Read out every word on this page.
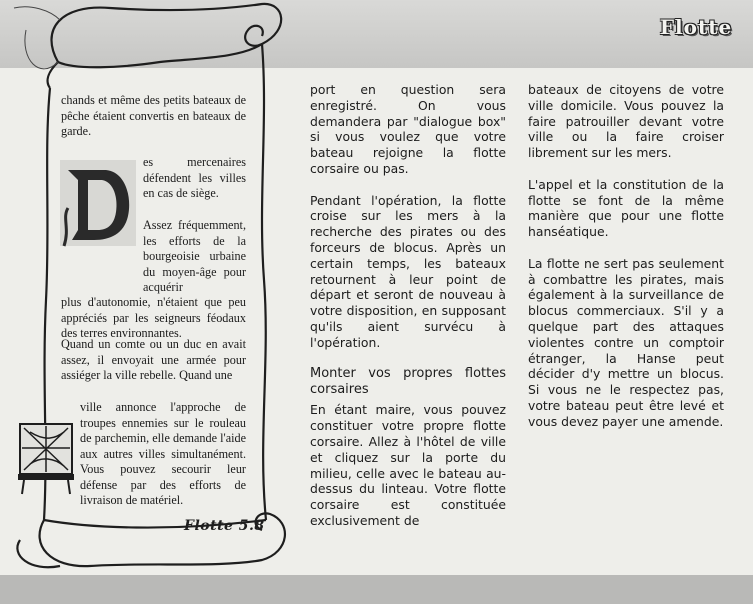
Flotte
chands et même des petits bateaux de pêche étaient convertis en bateaux de garde.
es mercenaires défendent les villes en cas de siège.
Assez fréquemment, les efforts de la bourgeoisie urbaine du moyen-âge pour acquérir
plus d'autonomie, n'étaient que peu appréciés par les seigneurs féodaux des terres environnantes.
Quand un comte ou un duc en avait assez, il envoyait une armée pour assiéger la ville rebelle. Quand une
ville annonce l'approche de troupes ennemies sur le rouleau de parchemin, elle demande l'aide aux autres villes simultanément. Vous pouvez secourir leur défense par des efforts de livraison de matériel.
Flotte 5.8

port en question sera enregistré. On vous demandera par "dialogue box" si vous voulez que votre bateau rejoigne la flotte corsaire ou pas.

Pendant l'opération, la flotte croise sur les mers à la recherche des pirates ou des forceurs de blocus. Après un certain temps, les bateaux retournent à leur point de départ et seront de nouveau à votre disposition, en supposant qu'ils aient survécu à l'opération.

Monter vos propres flottes corsaires

En étant maire, vous pouvez constituer votre propre flotte corsaire. Allez à l'hôtel de ville et cliquez sur la porte du milieu, celle avec le bateau au-dessus du linteau. Votre flotte corsaire est constituée exclusivement de

bateaux de citoyens de votre ville domicile. Vous pouvez la faire patrouiller devant votre ville ou la faire croiser librement sur les mers.

L'appel et la constitution de la flotte se font de la même manière que pour une flotte hanséatique.

La flotte ne sert pas seulement à combattre les pirates, mais également à la surveillance de blocus commerciaux. S'il y a quelque part des attaques violentes contre un comptoir étranger, la Hanse peut décider d'y mettre un blocus. Si vous ne le respectez pas, votre bateau peut être levé et vous devez payer une amende.
